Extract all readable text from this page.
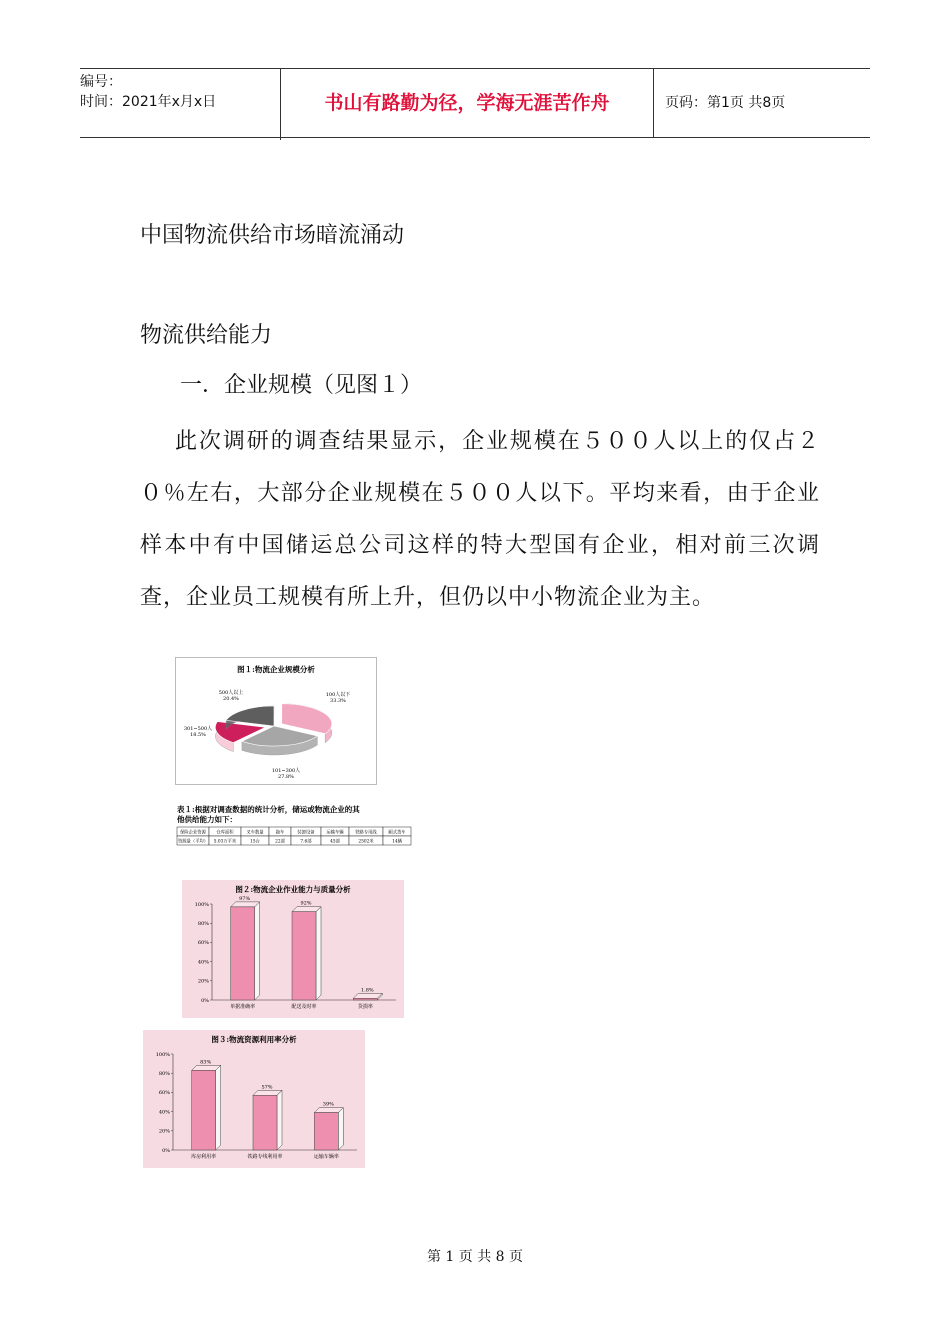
编号：
时间：2021年x月x日	书山有路勤为径，学海无涯苦作舟	页码：第1页 共8页
中国物流供给市场暗流涌动
物流供给能力
一．企业规模（见图１）
此次调研的调查结果显示，企业规模在５００人以上的仅占２０％左右，大部分企业规模在５００人以下。平均来看，由于企业样本中有中国储运总公司这样的特大型国有企业，相对前三次调查，企业员工规模有所上升，但仍以中小物流企业为主。
图１:物流企业规模分析
100人以下
33.3%
101~300人
27.8%
301~500人
18.5%
500人以上
20.4%
表１:根据对调查数据的统计分析，储运或物流企业的其
他供给能力如下：
保险企业资源
资源量（平均）
仓库面积
5.03万平米
叉车数量
15台
拖车
22部
装卸设备
7.6部
运输车辆
45部
铁路专用线
2502米
厢式货车
14辆
图２:物流企业作业能力与质量分析
100%
80%
60%
40%
20%
0%
97%
单据准确率
92%
配送及时率
1.8%
货损率
图３:物流资源利用率分析
100%
80%
60%
40%
20%
0%
83%
库房利用率
57%
铁路专线利用率
39%
运输车辆率
第 1 页 共 8 页
